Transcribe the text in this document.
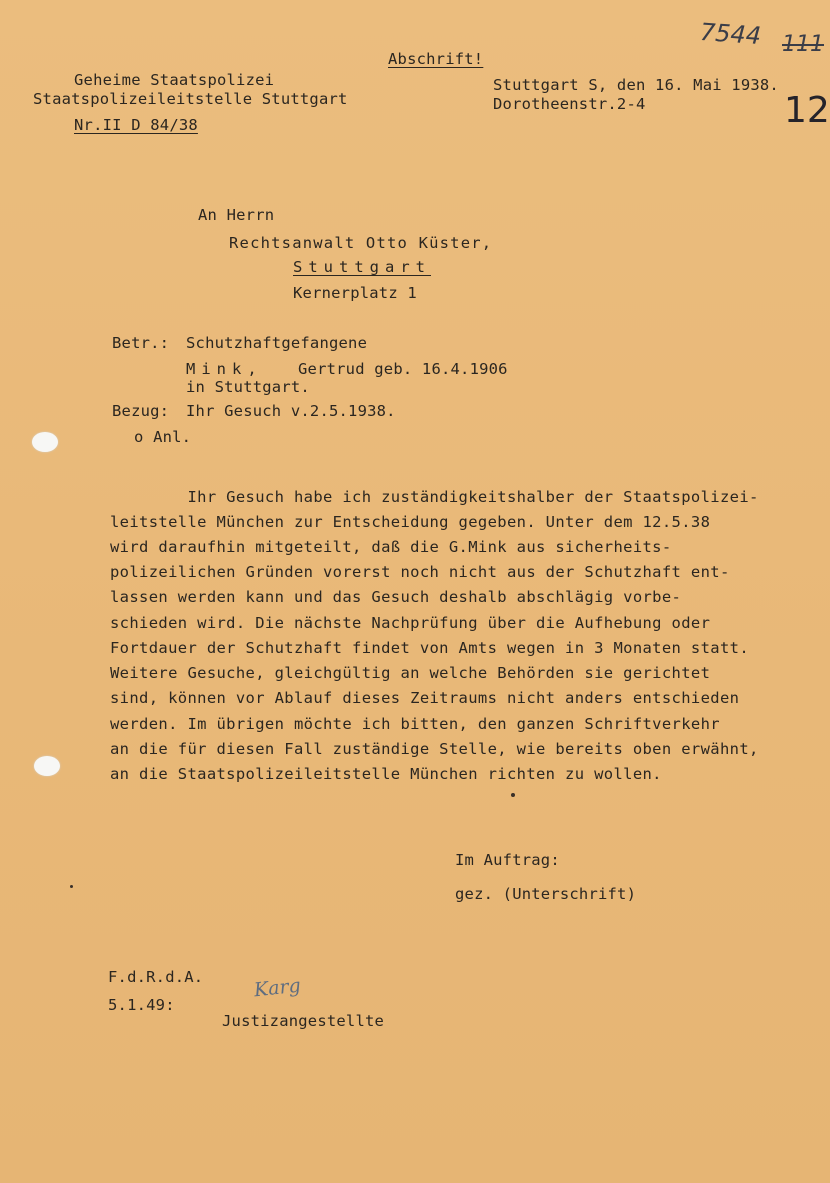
Abschrift!
Geheime Staatspolizei
Staatspolizeileitstelle Stuttgart
Nr.II D 84/38
Stuttgart S, den 16. Mai 1938.
Dorotheenstr.2-4
7544 111
12
An Herrn
Rechtsanwalt Otto Küster,
Stuttgart
Kernerplatz 1
Betr.: Schutzhaftgefangene
Mink, Gertrud geb. 16.4.1906
in Stuttgart.
Bezug: Ihr Gesuch v.2.5.1938.
o Anl.
Ihr Gesuch habe ich zuständigkeitshalber der Staatspolizei-
leitstelle München zur Entscheidung gegeben. Unter dem 12.5.38
wird daraufhin mitgeteilt, daß die G.Mink aus sicherheits-
polizeilichen Gründen vorerst noch nicht aus der Schutzhaft ent-
lassen werden kann und das Gesuch deshalb abschlägig vorbe-
schieden wird. Die nächste Nachprüfung über die Aufhebung oder
Fortdauer der Schutzhaft findet von Amts wegen in 3 Monaten statt.
Weitere Gesuche, gleichgültig an welche Behörden sie gerichtet
sind, können vor Ablauf dieses Zeitraums nicht anders entschieden
werden. Im übrigen möchte ich bitten, den ganzen Schriftverkehr
an die für diesen Fall zuständige Stelle, wie bereits oben erwähnt,
an die Staatspolizeileitstelle München richten zu wollen.
Im Auftrag:
gez. (Unterschrift)
F.d.R.d.A.
5.1.49:
Karg
Justizangestellte
